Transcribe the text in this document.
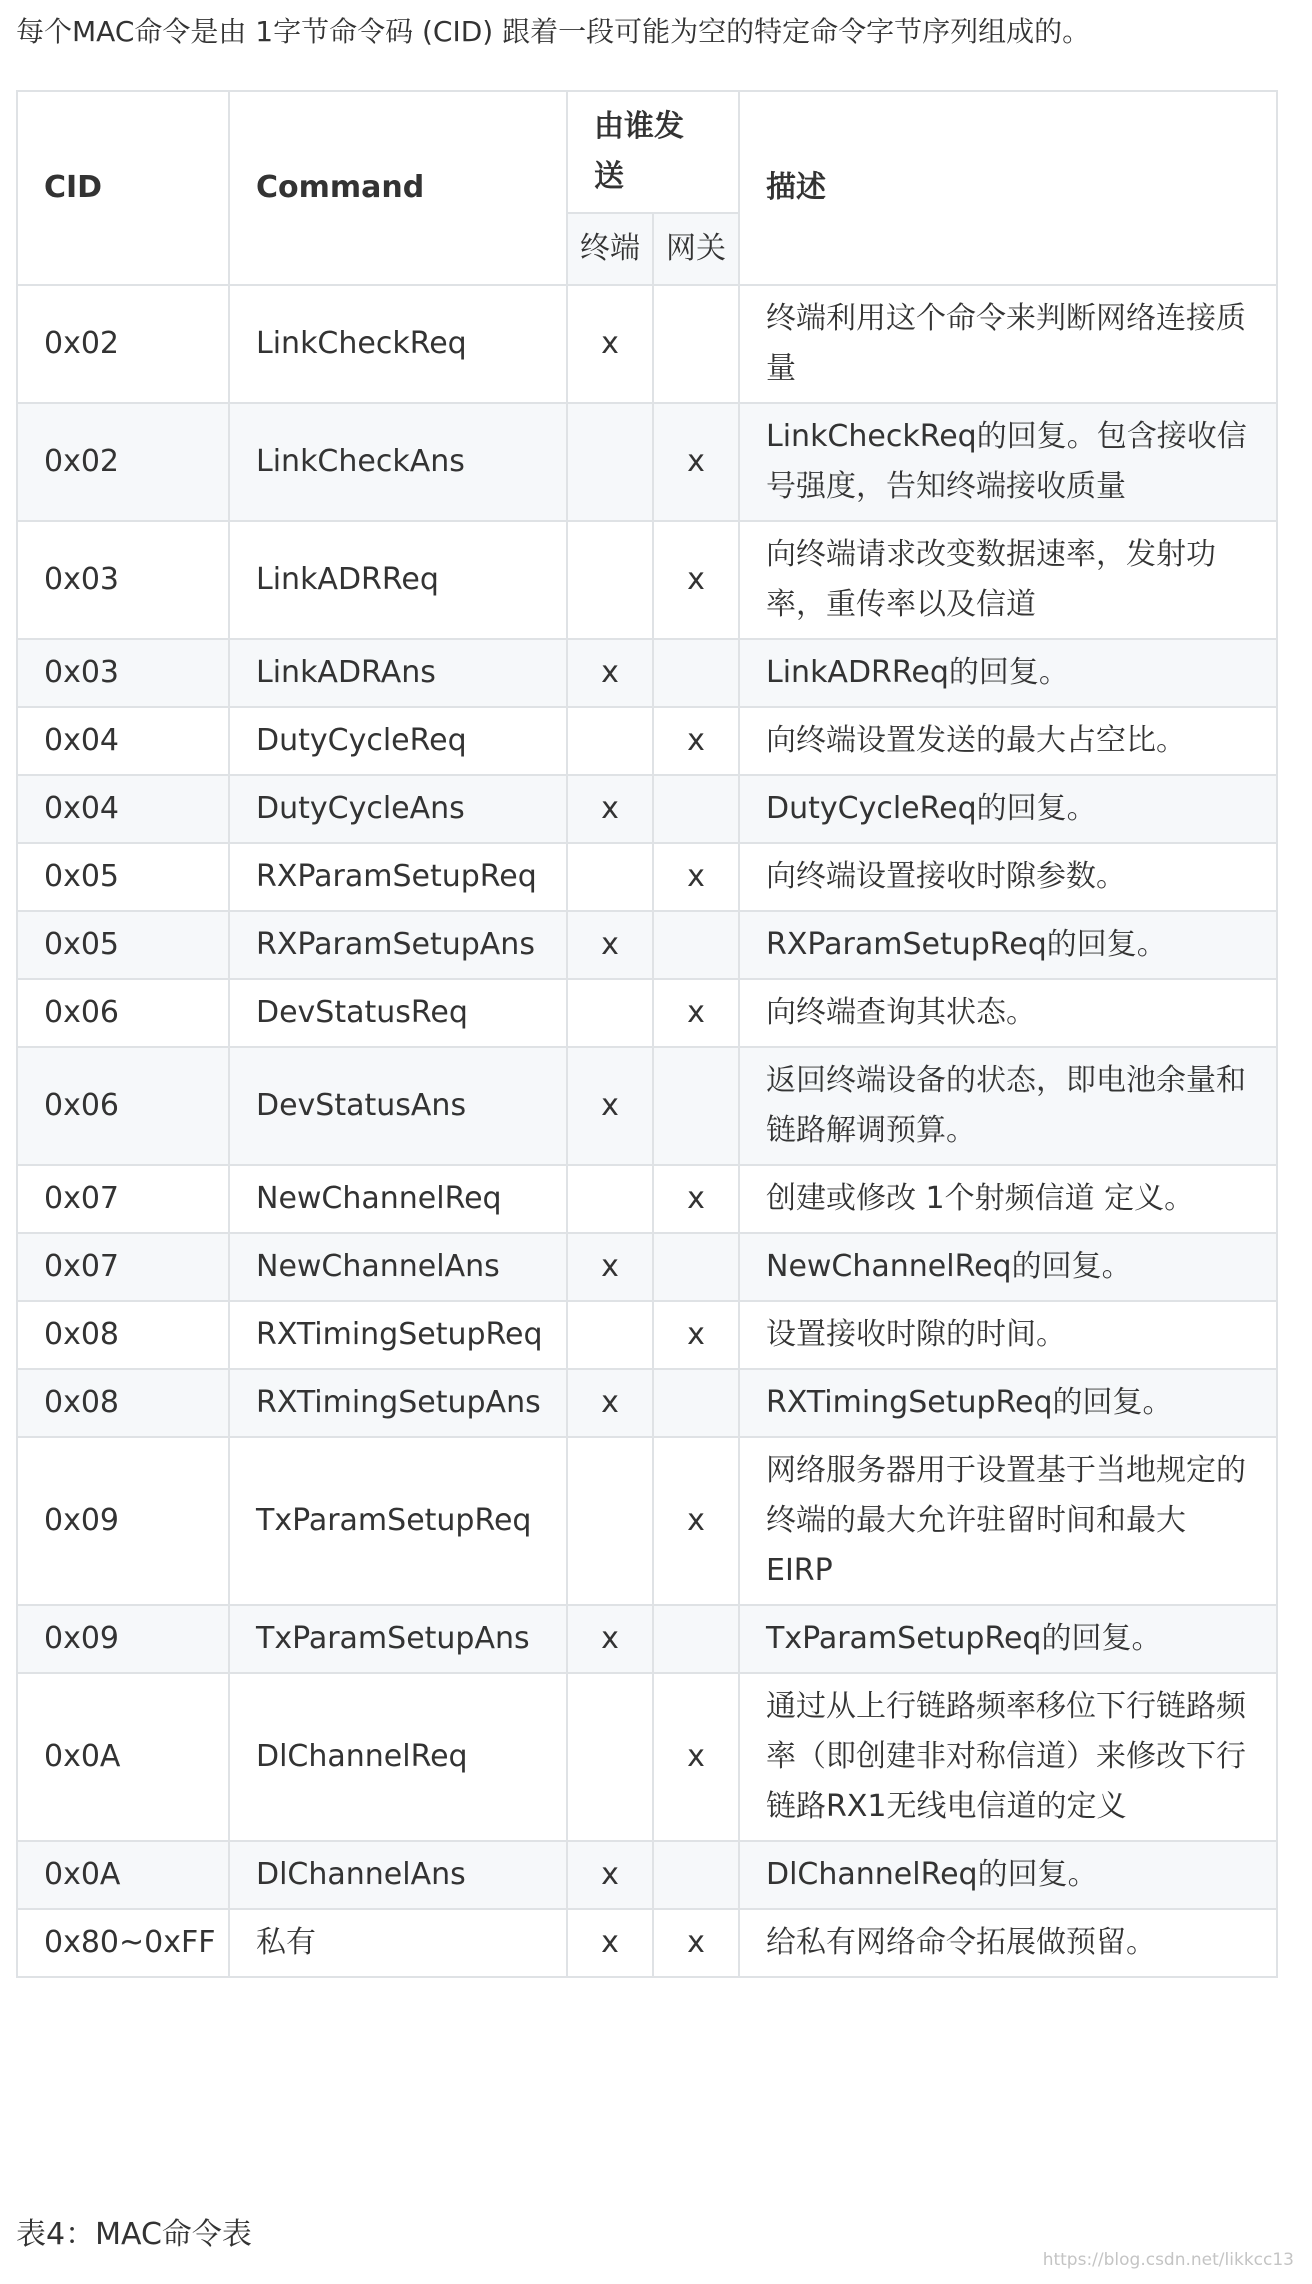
每个MAC命令是由 1字节命令码 (CID) 跟着一段可能为空的特定命令字节序列组成的。

CID	Command	由谁发送		描述
		终端	网关	
0x02	LinkCheckReq	x		终端利用这个命令来判断网络连接质量
0x02	LinkCheckAns		x	LinkCheckReq的回复。包含接收信号强度，告知终端接收质量
0x03	LinkADRReq		x	向终端请求改变数据速率，发射功率，重传率以及信道
0x03	LinkADRAns	x		LinkADRReq的回复。
0x04	DutyCycleReq		x	向终端设置发送的最大占空比。
0x04	DutyCycleAns	x		DutyCycleReq的回复。
0x05	RXParamSetupReq		x	向终端设置接收时隙参数。
0x05	RXParamSetupAns	x		RXParamSetupReq的回复。
0x06	DevStatusReq		x	向终端查询其状态。
0x06	DevStatusAns	x		返回终端设备的状态，即电池余量和链路解调预算。
0x07	NewChannelReq		x	创建或修改 1个射频信道 定义。
0x07	NewChannelAns	x		NewChannelReq的回复。
0x08	RXTimingSetupReq		x	设置接收时隙的时间。
0x08	RXTimingSetupAns	x		RXTimingSetupReq的回复。
0x09	TxParamSetupReq		x	网络服务器用于设置基于当地规定的终端的最大允许驻留时间和最大EIRP
0x09	TxParamSetupAns	x		TxParamSetupReq的回复。
0x0A	DlChannelReq		x	通过从上行链路频率移位下行链路频率（即创建非对称信道）来修改下行链路RX1无线电信道的定义
0x0A	DlChannelAns	x		DlChannelReq的回复。
0x80~0xFF	私有	x	x	给私有网络命令拓展做预留。
表4：MAC命令表
https://blog.csdn.net/likkcc13
